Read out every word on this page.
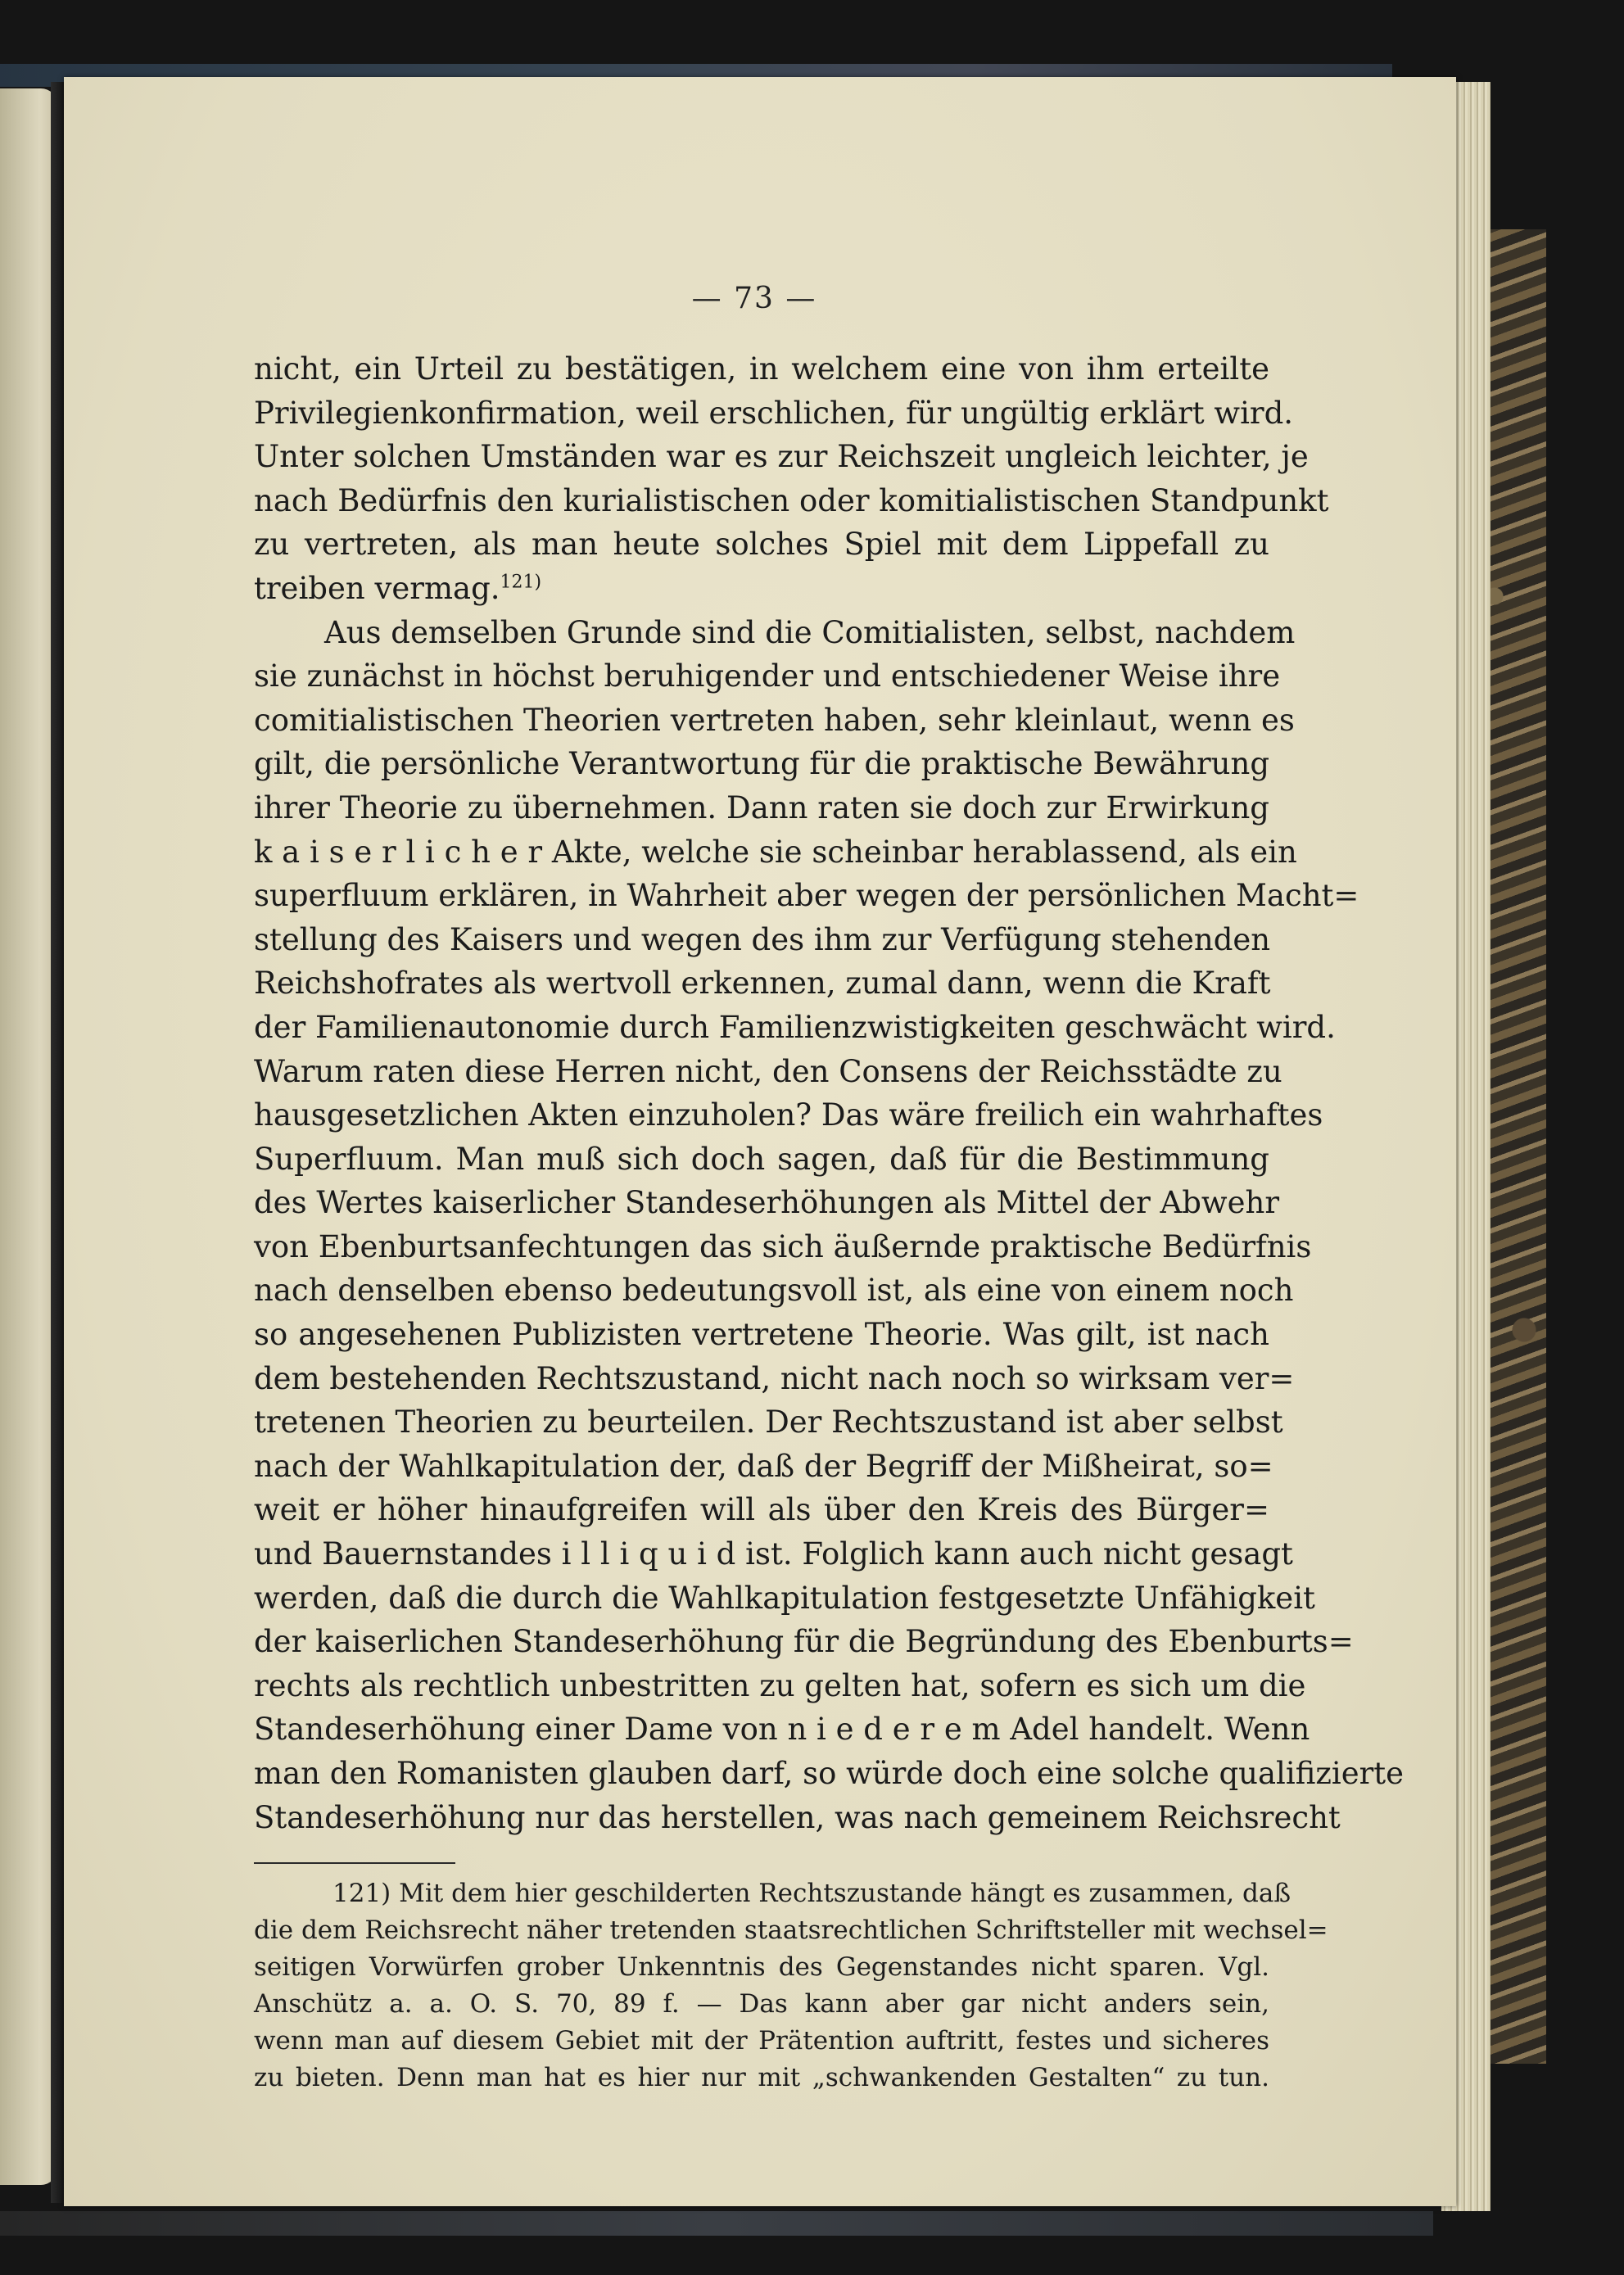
— 73 —
nicht, ein Urteil zu bestätigen, in welchem eine von ihm erteilte
Privilegienkonfirmation, weil erschlichen, für ungültig erklärt wird.
Unter solchen Umständen war es zur Reichszeit ungleich leichter, je
nach Bedürfnis den kurialistischen oder komitialistischen Standpunkt
zu vertreten, als man heute solches Spiel mit dem Lippefall zu
treiben vermag.$^{121)}$
Aus demselben Grunde sind die Comitialisten, selbst, nachdem
sie zunächst in höchst beruhigender und entschiedener Weise ihre
comitialistischen Theorien vertreten haben, sehr kleinlaut, wenn es
gilt, die persönliche Verantwortung für die praktische Bewährung
ihrer Theorie zu übernehmen. Dann raten sie doch zur Erwirkung
k a i s e r l i c h e r Akte, welche sie scheinbar herablassend, als ein
superfluum erklären, in Wahrheit aber wegen der persönlichen Macht=
stellung des Kaisers und wegen des ihm zur Verfügung stehenden
Reichshofrates als wertvoll erkennen, zumal dann, wenn die Kraft
der Familienautonomie durch Familienzwistigkeiten geschwächt wird.
Warum raten diese Herren nicht, den Consens der Reichsstädte zu
hausgesetzlichen Akten einzuholen? Das wäre freilich ein wahrhaftes
Superfluum. Man muß sich doch sagen, daß für die Bestimmung
des Wertes kaiserlicher Standeserhöhungen als Mittel der Abwehr
von Ebenburtsanfechtungen das sich äußernde praktische Bedürfnis
nach denselben ebenso bedeutungsvoll ist, als eine von einem noch
so angesehenen Publizisten vertretene Theorie. Was gilt, ist nach
dem bestehenden Rechtszustand, nicht nach noch so wirksam ver=
tretenen Theorien zu beurteilen. Der Rechtszustand ist aber selbst
nach der Wahlkapitulation der, daß der Begriff der Mißheirat, so=
weit er höher hinaufgreifen will als über den Kreis des Bürger=
und Bauernstandes i l l i q u i d ist. Folglich kann auch nicht gesagt
werden, daß die durch die Wahlkapitulation festgesetzte Unfähigkeit
der kaiserlichen Standeserhöhung für die Begründung des Ebenburts=
rechts als rechtlich unbestritten zu gelten hat, sofern es sich um die
Standeserhöhung einer Dame von n i e d e r e m Adel handelt. Wenn
man den Romanisten glauben darf, so würde doch eine solche qualifizierte
Standeserhöhung nur das herstellen, was nach gemeinem Reichsrecht
121) Mit dem hier geschilderten Rechtszustande hängt es zusammen, daß
die dem Reichsrecht näher tretenden staatsrechtlichen Schriftsteller mit wechsel=
seitigen Vorwürfen grober Unkenntnis des Gegenstandes nicht sparen. Vgl.
Anschütz a. a. O. S. 70, 89 f. — Das kann aber gar nicht anders sein,
wenn man auf diesem Gebiet mit der Prätention auftritt, festes und sicheres
zu bieten. Denn man hat es hier nur mit „schwankenden Gestalten“ zu tun.
